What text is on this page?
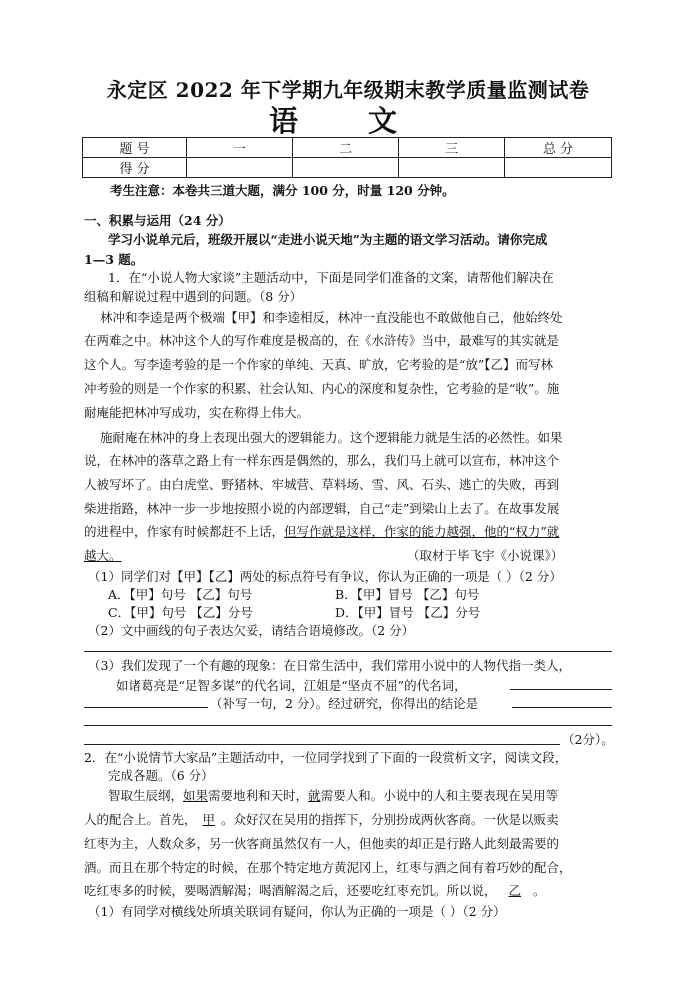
永定区 2022 年下学期九年级期末教学质量监测试卷
语 文
题 号	一	二	三	总 分
得 分				
考生注意：本卷共三道大题，满分 100 分，时量 120 分钟。
一、积累与运用（24 分）
学习小说单元后，班级开展以“走进小说天地”为主题的语文学习活动。请你完成
1—3 题。
1．在“小说人物大家谈”主题活动中，下面是同学们准备的文案，请帮他们解决在
组稿和解说过程中遇到的问题。（8 分）
林冲和李逵是两个极端【甲】和李逵相反，林冲一直没能也不敢做他自己，他始终处
在两难之中。林冲这个人的写作难度是极高的，在《水浒传》当中，最难写的其实就是
这个人。写李逵考验的是一个作家的单纯、天真、旷放，它考验的是“放”【乙】而写林
冲考验的则是一个作家的积累、社会认知、内心的深度和复杂性，它考验的是“收”。施
耐庵能把林冲写成功，实在称得上伟大。
施耐庵在林冲的身上表现出强大的逻辑能力。这个逻辑能力就是生活的必然性。如果
说，在林冲的落草之路上有一样东西是偶然的，那么，我们马上就可以宣布，林冲这个
人被写坏了。由白虎堂、野猪林、牢城营、草料场、雪、风、石头、逃亡的失败，再到
柴进指路，林冲一步一步地按照小说的内部逻辑，自己“走”到梁山上去了。在故事发展
的进程中，作家有时候都赶不上话，但写作就是这样，作家的能力越强，他的“权力”就
越大。	（取材于毕飞宇《小说课》）
（1）同学们对【甲】【乙】两处的标点符号有争议，你认为正确的一项是（ ）（2 分）
A．【甲】句号 【乙】句号	B．【甲】冒号 【乙】句号
C．【甲】句号 【乙】分号	D．【甲】冒号 【乙】分号
（2）文中画线的句子表达欠妥，请结合语境修改。（2 分）
（3）我们发现了一个有趣的现象：在日常生活中，我们常用小说中的人物代指一类人，
如诸葛亮是“足智多谋”的代名词，江姐是“坚贞不屈”的代名词，
（补写一句，2 分）。经过研究，你得出的结论是
（2分）。
2．在“小说情节大家品”主题活动中，一位同学找到了下面的一段赏析文字，阅读文段，
完成各题。（6 分）
智取生辰纲，如果需要地利和天时，就需要人和。小说中的人和主要表现在吴用等
人的配合上。首先， 甲 。众好汉在吴用的指挥下，分别扮成两伙客商。一伙是以贩卖
红枣为主，人数众多，另一伙客商虽然仅有一人，但他卖的却正是行路人此刻最需要的
酒。而且在那个特定的时候，在那个特定地方黄泥冈上，红枣与酒之间有着巧妙的配合，
吃红枣多的时候，要喝酒解渴；喝酒解渴之后，还要吃红枣充饥。所以说， 乙 。
（1）有同学对横线处所填关联词有疑问，你认为正确的一项是（ ）（2 分）
